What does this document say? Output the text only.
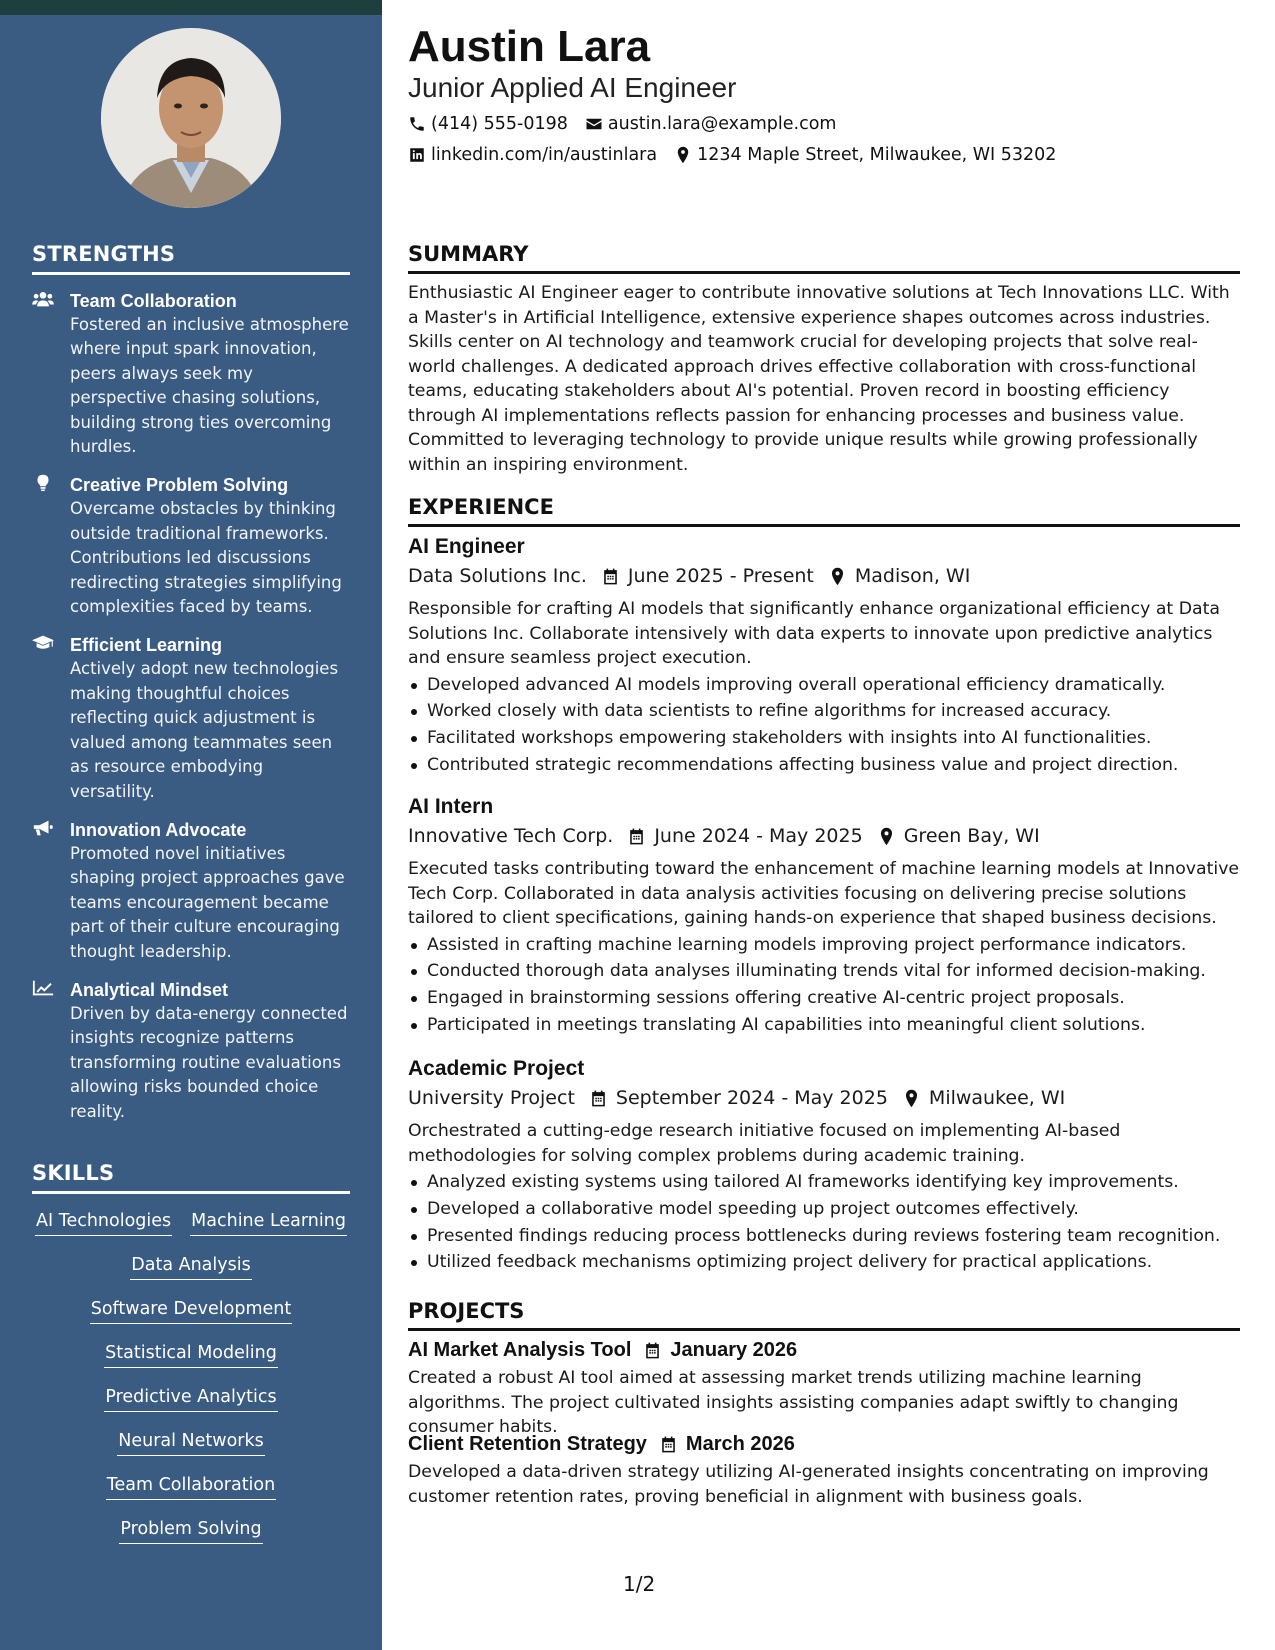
STRENGTHS
Team Collaboration
Fostered an inclusive atmosphere where input spark innovation, peers always seek my perspective chasing solutions, building strong ties overcoming hurdles.
Creative Problem Solving
Overcame obstacles by thinking outside traditional frameworks. Contributions led discussions redirecting strategies simplifying complexities faced by teams.
Efficient Learning
Actively adopt new technologies making thoughtful choices reflecting quick adjustment is valued among teammates seen as resource embodying versatility.
Innovation Advocate
Promoted novel initiatives shaping project approaches gave teams encouragement became part of their culture encouraging thought leadership.
Analytical Mindset
Driven by data-energy connected insights recognize patterns transforming routine evaluations allowing risks bounded choice reality.
SKILLS
AI Technologies Machine Learning
Data Analysis
Software Development
Statistical Modeling
Predictive Analytics
Neural Networks
Team Collaboration
Problem Solving
Austin Lara
Junior Applied AI Engineer
(414) 555-0198 austin.lara@example.com
linkedin.com/in/austinlara 1234 Maple Street, Milwaukee, WI 53202
SUMMARY
Enthusiastic AI Engineer eager to contribute innovative solutions at Tech Innovations LLC. With a Master's in Artificial Intelligence, extensive experience shapes outcomes across industries. Skills center on AI technology and teamwork crucial for developing projects that solve real-world challenges. A dedicated approach drives effective collaboration with cross-functional teams, educating stakeholders about AI's potential. Proven record in boosting efficiency through AI implementations reflects passion for enhancing processes and business value. Committed to leveraging technology to provide unique results while growing professionally within an inspiring environment.
EXPERIENCE
AI Engineer
Data Solutions Inc. June 2025 - Present Madison, WI
Responsible for crafting AI models that significantly enhance organizational efficiency at Data Solutions Inc. Collaborate intensively with data experts to innovate upon predictive analytics and ensure seamless project execution.
Developed advanced AI models improving overall operational efficiency dramatically.
Worked closely with data scientists to refine algorithms for increased accuracy.
Facilitated workshops empowering stakeholders with insights into AI functionalities.
Contributed strategic recommendations affecting business value and project direction.
AI Intern
Innovative Tech Corp. June 2024 - May 2025 Green Bay, WI
Executed tasks contributing toward the enhancement of machine learning models at Innovative Tech Corp. Collaborated in data analysis activities focusing on delivering precise solutions tailored to client specifications, gaining hands-on experience that shaped business decisions.
Assisted in crafting machine learning models improving project performance indicators.
Conducted thorough data analyses illuminating trends vital for informed decision-making.
Engaged in brainstorming sessions offering creative AI-centric project proposals.
Participated in meetings translating AI capabilities into meaningful client solutions.
Academic Project
University Project September 2024 - May 2025 Milwaukee, WI
Orchestrated a cutting-edge research initiative focused on implementing AI-based methodologies for solving complex problems during academic training.
Analyzed existing systems using tailored AI frameworks identifying key improvements.
Developed a collaborative model speeding up project outcomes effectively.
Presented findings reducing process bottlenecks during reviews fostering team recognition.
Utilized feedback mechanisms optimizing project delivery for practical applications.
PROJECTS
AI Market Analysis Tool January 2026
Created a robust AI tool aimed at assessing market trends utilizing machine learning algorithms. The project cultivated insights assisting companies adapt swiftly to changing consumer habits.
Client Retention Strategy March 2026
Developed a data-driven strategy utilizing AI-generated insights concentrating on improving customer retention rates, proving beneficial in alignment with business goals.
1/2
